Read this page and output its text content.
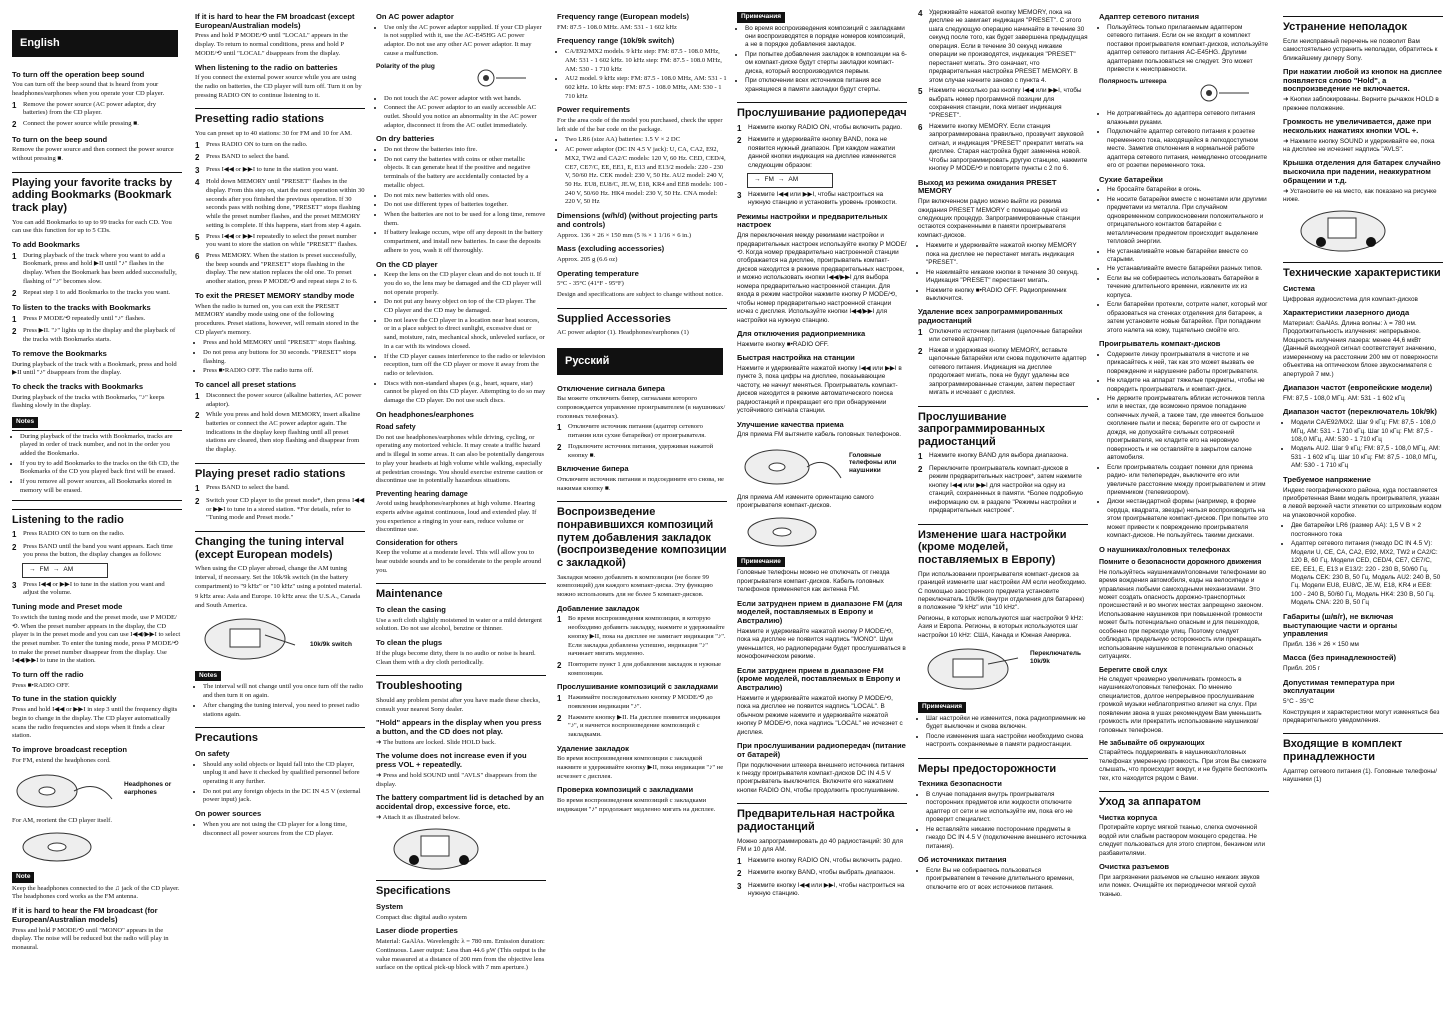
English
To turn off the operation beep sound

You can turn off the beep sound that is heard from your headphones/earphones when you operate your CD player.

1 Remove the power source (AC power adaptor, dry batteries) from the CD player.
2 Connect the power source while pressing ■.
To turn on the beep sound

Remove the power source and then connect the power source without pressing ■.

Playing your favorite tracks by adding Bookmarks (Bookmark track play)

You can add Bookmarks to up to 99 tracks for each CD. You can use this function for up to 5 CDs.

To add Bookmarks
1 During playback of the track where you want to add a Bookmark, press and hold ▶II until "♪" flashes in the display. When the Bookmark has been added successfully, flashing of "♪" becomes slow.
2 Repeat step 1 to add Bookmarks to the tracks you want.
To listen to the tracks with Bookmarks
1 Press P MODE/⟲ repeatedly until "♪" flashes.
2 Press ▶II. "♪" lights up in the display and the playback of the tracks with Bookmarks starts.
To remove the Bookmarks

During playback of the track with a Bookmark, press and hold ▶II until "♪" disappears from the display.

To check the tracks with Bookmarks

During playback of the tracks with Bookmarks, "♪" keeps flashing slowly in the display.

Notes
• During playback of the tracks with Bookmarks, tracks are played in order of track number, and not in the order you added the Bookmarks.
• If you try to add Bookmarks to the tracks on the 6th CD, the Bookmarks of the CD you played back first will be erased.
• If you remove all power sources, all Bookmarks stored in memory will be erased.
Listening to the radio
1 Press RADIO ON to turn on the radio.
2 Press BAND until the band you want appears. Each time you press the button, the display changes as follows:
→ FM → AM
3 Press I◀◀ or ▶▶I to tune in the station you want and adjust the volume.
Tuning mode and Preset mode

To switch the tuning mode and the preset mode, use P MODE/⟲. When the preset number appears in the display, the CD player is in the preset mode and you can use I◀◀/▶▶I to select the preset number. To enter the tuning mode, press P MODE/⟲ to make the preset number disappear from the display. Use I◀◀/▶▶I to tune in the station.

To turn off the radio

Press ■•RADIO OFF.

To tune in the station quickly

Press and hold I◀◀ or ▶▶I in step 3 until the frequency digits begin to change in the display. The CD player automatically scans the radio frequencies and stops when it finds a clear station.

To improve broadcast reception

For FM, extend the headphones cord.

Headphones or earphones

For AM, reorient the CD player itself.

Note

Keep the headphones connected to the ♫ jack of the CD player. The headphones cord works as the FM antenna.

If it is hard to hear the FM broadcast (for European/Australian models)

Press and hold P MODE/⟲ until "MONO" appears in the display. The noise will be reduced but the radio will play in monaural.

If it is hard to hear the FM broadcast (except European/Australian models)

Press and hold P MODE/⟲ until "LOCAL" appears in the display. To return to normal conditions, press and hold P MODE/⟲ until "LOCAL" disappears from the display.

When listening to the radio on batteries

If you connect the external power source while you are using the radio on batteries, the CD player will turn off. Turn it on by pressing RADIO ON to continue listening to it.

Presetting radio stations

You can preset up to 40 stations: 30 for FM and 10 for AM.

1 Press RADIO ON to turn on the radio.
2 Press BAND to select the band.
3 Press I◀◀ or ▶▶I to tune in the station you want.
4 Hold down MEMORY until "PRESET" flashes in the display. From this step on, start the next operation within 30 seconds after you finished the previous operation. If 30 seconds pass with nothing done, "PRESET" stops flashing while the preset number flashes, and the preset MEMORY setting is complete. If this happens, start from step 4 again.
5 Press I◀◀ or ▶▶I repeatedly to select the preset number you want to store the station on while "PRESET" flashes.
6 Press MEMORY. When the station is preset successfully, the beep sounds and "PRESET" stops flashing in the display. The new station replaces the old one. To preset another station, press P MODE/⟲ and repeat steps 2 to 6.
To exit the PRESET MEMORY standby mode

When the radio is turned on, you can exit the PRESET MEMORY standby mode using one of the following procedures. Preset stations, however, will remain stored in the CD player's memory.

• Press and hold MEMORY until "PRESET" stops flashing.
• Do not press any buttons for 30 seconds. "PRESET" stops flashing.
• Press ■•RADIO OFF. The radio turns off.
To cancel all preset stations
1 Disconnect the power source (alkaline batteries, AC power adaptor).
2 While you press and hold down MEMORY, insert alkaline batteries or connect the AC power adaptor again. The indications in the display keep flashing until all preset stations are cleared, then stop flashing and disappear from the display.
Playing preset radio stations
1 Press BAND to select the band.
2 Switch your CD player to the preset mode*, then press I◀◀ or ▶▶I to tune in a stored station. *For details, refer to "Tuning mode and Preset mode."
Changing the tuning interval (except European models)

When using the CD player abroad, change the AM tuning interval, if necessary. Set the 10k/9k switch (in the battery compartment) to "9 kHz" or "10 kHz" using a pointed material.

9 kHz area: Asia and Europe. 10 kHz area: the U.S.A., Canada and South America.

10k/9k switch
Notes
• The interval will not change until you once turn off the radio and then turn it on again.
• After changing the tuning interval, you need to preset radio stations again.
Precautions
On safety
• Should any solid objects or liquid fall into the CD player, unplug it and have it checked by qualified personnel before operating it any further.
• Do not put any foreign objects in the DC IN 4.5 V (external power input) jack.
On power sources
• When you are not using the CD player for a long time, disconnect all power sources from the CD player.
On AC power adaptor
• Use only the AC power adaptor supplied. If your CD player is not supplied with it, use the AC-E45HG AC power adaptor. Do not use any other AC power adaptor. It may cause a malfunction.
Polarity of the plug
• Do not touch the AC power adaptor with wet hands.
• Connect the AC power adaptor to an easily accessible AC outlet. Should you notice an abnormality in the AC power adaptor, disconnect it from the AC outlet immediately.
On dry batteries
• Do not throw the batteries into fire.
• Do not carry the batteries with coins or other metallic objects. It can generate heat if the positive and negative terminals of the battery are accidentally contacted by a metallic object.
• Do not mix new batteries with old ones.
• Do not use different types of batteries together.
• When the batteries are not to be used for a long time, remove them.
• If battery leakage occurs, wipe off any deposit in the battery compartment, and install new batteries. In case the deposits adhere to you, wash it off thoroughly.
On the CD player
• Keep the lens on the CD player clean and do not touch it. If you do so, the lens may be damaged and the CD player will not operate properly.
• Do not put any heavy object on top of the CD player. The CD player and the CD may be damaged.
• Do not leave the CD player in a location near heat sources, or in a place subject to direct sunlight, excessive dust or sand, moisture, rain, mechanical shock, unleveled surface, or in a car with its windows closed.
• If the CD player causes interference to the radio or television reception, turn off the CD player or move it away from the radio or television.
• Discs with non-standard shapes (e.g., heart, square, star) cannot be played on this CD player. Attempting to do so may damage the CD player. Do not use such discs.
On headphones/earphones
Road safety

Do not use headphones/earphones while driving, cycling, or operating any motorized vehicle. It may create a traffic hazard and is illegal in some areas. It can also be potentially dangerous to play your headsets at high volume while walking, especially at pedestrian crossings. You should exercise extreme caution or discontinue use in potentially hazardous situations.

Preventing hearing damage

Avoid using headphones/earphones at high volume. Hearing experts advise against continuous, loud and extended play. If you experience a ringing in your ears, reduce volume or discontinue use.

Consideration for others

Keep the volume at a moderate level. This will allow you to hear outside sounds and to be considerate to the people around you.

Maintenance
To clean the casing

Use a soft cloth slightly moistened in water or a mild detergent solution. Do not use alcohol, benzine or thinner.

To clean the plugs

If the plugs become dirty, there is no audio or noise is heard. Clean them with a dry cloth periodically.

Troubleshooting

Should any problem persist after you have made these checks, consult your nearest Sony dealer.

"Hold" appears in the display when you press a button, and the CD does not play.

➜ The buttons are locked. Slide HOLD back.

The volume does not increase even if you press VOL + repeatedly.

➜ Press and hold SOUND until "AVLS" disappears from the display.

The battery compartment lid is detached by an accidental drop, excessive force, etc.

➜ Attach it as illustrated below.

Specifications
System

Compact disc digital audio system

Laser diode properties

Material: GaAlAs. Wavelength: λ = 780 nm. Emission duration: Continuous. Laser output: Less than 44.6 μW (This output is the value measured at a distance of 200 mm from the objective lens surface on the optical pick-up block with 7 mm aperture.)

Frequency range (European models)

FM: 87.5 - 108.0 MHz. AM: 531 - 1 602 kHz

Frequency range (10k/9k switch)
• CA/E92/MX2 models. 9 kHz step: FM: 87.5 - 108.0 MHz, AM: 531 - 1 602 kHz. 10 kHz step: FM: 87.5 - 108.0 MHz, AM: 530 - 1 710 kHz
• AU2 model. 9 kHz step: FM: 87.5 - 108.0 MHz, AM: 531 - 1 602 kHz. 10 kHz step: FM: 87.5 - 108.0 MHz, AM: 530 - 1 710 kHz
Power requirements

For the area code of the model you purchased, check the upper left side of the bar code on the package.

• Two LR6 (size AA) batteries: 1.5 V × 2 DC
• AC power adaptor (DC IN 4.5 V jack): U, CA, CA2, E92, MX2, TW2 and CA2/C models: 120 V, 60 Hz. CED, CED/4, CE7, CE7/C, EE, EE1, E, E13 and E13/2 models: 220 - 230 V, 50/60 Hz. CEK model: 230 V, 50 Hz. AU2 model: 240 V, 50 Hz. EU8, EU8/C, JE.W, E18, KR4 and EE8 models: 100 - 240 V, 50/60 Hz. HK4 model: 230 V, 50 Hz. CNA model: 220 V, 50 Hz
Dimensions (w/h/d) (without projecting parts and controls)

Approx. 136 × 26 × 150 mm (5 ⅜ × 1 1/16 × 6 in.)

Mass (excluding accessories)

Approx. 205 g (6.6 oz)

Operating temperature

5°C - 35°C (41°F - 95°F)

Design and specifications are subject to change without notice.

Supplied Accessories

AC power adaptor (1). Headphones/earphones (1)

Русский
Отключение сигнала бипера

Вы можете отключить бипер, сигналами которого сопровождается управление проигрывателем (в наушниках/головных телефонах).

1 Отключите источник питания (адаптер сетевого питания или сухие батарейки) от проигрывателя.
2 Подключите источник питания, удерживая нажатой кнопку ■.
Включение бипера

Отключите источник питания и подсоедините его снова, не нажимая кнопку ■.

Воспроизведение понравившихся композиций путем добавления закладок (воспроизведение композиции с закладкой)

Закладки можно добавлять в композиции (не более 99 композиций) для каждого компакт-диска. Эту функцию можно использовать для не более 5 компакт-дисков.

Добавление закладок
1 Во время воспроизведения композиции, в которую необходимо добавить закладку, нажмите и удерживайте кнопку ▶II, пока на дисплее не замигает индикация "♪". Если закладка добавлена успешно, индикация "♪" начинает мигать медленно.
2 Повторите пункт 1 для добавления закладок в нужные композиции.
Прослушивание композиций с закладками
1 Нажимайте последовательно кнопку P MODE/⟲ до появления индикации "♪".
2 Нажмите кнопку ▶II. На дисплее появится индикация "♪", и начнется воспроизведение композиций с закладками.
Удаление закладок

Во время воспроизведения композиции с закладкой нажмите и удерживайте кнопку ▶II, пока индикация "♪" не исчезнет с дисплея.

Проверка композиций с закладками

Во время воспроизведения композиций с закладками индикация "♪" продолжает медленно мигать на дисплее.

Примечания
• Во время воспроизведения композиций с закладками они воспроизводятся в порядке номеров композиций, а не в порядке добавления закладок.
• При попытке добавления закладок в композиции на 6-ом компакт-диске будут стерты закладки компакт-диска, который воспроизводился первым.
• При отключении всех источников питания все хранящиеся в памяти закладки будут стерты.
Прослушивание радиопередач
1	Нажмите кнопку RADIO ON, чтобы включить радио.
2	Нажмите и удерживайте кнопку BAND, пока не появится нужный диапазон. При каждом нажатии данной кнопки индикация на дисплее изменяется следующим образом:
→ FM → AM
3	Нажмите I◀◀ или ▶▶I, чтобы настроиться на нужную станцию и установить уровень громкости.
Режимы настройки и предварительных настроек

Для переключения между режимами настройки и предварительных настроек используйте кнопку P MODE/⟲. Когда номер предварительно настроенной станции отображается на дисплее, проигрыватель компакт-дисков находится в режиме предварительных настроек, и можно использовать кнопки I◀◀/▶▶I для выбора номера предварительно настроенной станции. Для входа в режим настройки нажмите кнопку P MODE/⟲, чтобы номер предварительно настроенной станции исчез с дисплея. Используйте кнопки I◀◀/▶▶I для настройки на нужную станцию.

Для отключения радиоприемника

Нажмите кнопку ■•RADIO OFF.

Быстрая настройка на станции

Нажмите и удерживайте нажатой кнопку I◀◀ или ▶▶I в пункте 3, пока цифры на дисплее, показывающие частоту, не начнут меняться. Проигрыватель компакт-дисков находится в режиме автоматического поиска радиостанций и прекращает его при обнаружении устойчивого сигнала станции.

Улучшение качества приема

Для приема FM вытяните кабель головных телефонов.

Головные телефоны или наушники

Для приема AM измените ориентацию самого проигрывателя компакт-дисков.

Примечание

Головные телефоны можно не отключать от гнезда проигрывателя компакт-дисков. Кабель головных телефонов применяется как антенна FM.

Если затруднен прием в диапазоне FM (для моделей, поставляемых в Европу и Австралию)

Нажмите и удерживайте нажатой кнопку P MODE/⟲, пока на дисплее не появится надпись "MONO". Шум уменьшится, но радиопередачи будет прослушиваться в монофоническом режиме.

Если затруднен прием в диапазоне FM (кроме моделей, поставляемых в Европу и Австралию)

Нажмите и удерживайте нажатой кнопку P MODE/⟲, пока на дисплее не появится надпись "LOCAL". В обычном режиме нажмите и удерживайте нажатой кнопку P MODE/⟲, пока надпись "LOCAL" не исчезнет с дисплея.

При прослушивании радиопередач (питание от батарей)

При подключении штекера внешнего источника питания к гнезду проигрывателя компакт-дисков DC IN 4.5 V проигрыватель выключится. Включите его нажатием кнопки RADIO ON, чтобы продолжить прослушивание.

Предварительная настройка радиостанций

Можно запрограммировать до 40 радиостанций: 30 для FM и 10 для AM.

1	Нажмите кнопку RADIO ON, чтобы включить радио.
2	Нажмите кнопку BAND, чтобы выбрать диапазон.
3	Нажмите кнопку I◀◀ или ▶▶I, чтобы настроиться на нужную станцию.
4	Удерживайте нажатой кнопку MEMORY, пока на дисплее не замигает индикация "PRESET". С этого шага следующую операцию начинайте в течение 30 секунд после того, как будет завершена предыдущая операция. Если в течение 30 секунд никакие операции не производятся, индикация "PRESET" перестанет мигать. Это означает, что предварительная настройка PRESET MEMORY. В этом случае начните заново с пункта 4.
5	Нажмите несколько раз кнопку I◀◀ или ▶▶I, чтобы выбрать номер программной позиции для сохранения станции, пока мигает индикация "PRESET".
6	Нажмите кнопку MEMORY. Если станция запрограммирована правильно, прозвучит звуковой сигнал, и индикация "PRESET" прекратит мигать на дисплее. Старая настройка будет заменена новой. Чтобы запрограммировать другую станцию, нажмите кнопку P MODE/⟲ и повторите пункты с 2 по 6.
Выход из режима ожидания PRESET MEMORY

При включенном радио можно выйти из режима ожидания PRESET MEMORY с помощью одной из следующих процедур. Запрограммированные станции остаются сохраненными в памяти проигрывателя компакт-дисков.

• Нажмите и удерживайте нажатой кнопку MEMORY пока на дисплее не перестанет мигать индикация "PRESET".
• Не нажимайте никакие кнопки в течение 30 секунд. Индикация "PRESET" перестанет мигать.
• Нажмите кнопку ■•RADIO OFF. Радиоприемник выключится.
Удаление всех запрограммированных радиостанций
1	Отключите источник питания (щелочные батарейки или сетевой адаптер).
2	Нажав и удерживая кнопку MEMORY, вставьте щелочные батарейки или снова подключите адаптер сетевого питания. Индикация на дисплее продолжает мигать, пока не будут удалены все запрограммированные станции, затем перестает мигать и исчезает с дисплея.
Прослушивание запрограммированных радиостанций
1	Нажмите кнопку BAND для выбора диапазона.
2	Переключите проигрыватель компакт-дисков в режим предварительных настроек*, затем нажмите кнопку I◀◀ или ▶▶I для настройки на одну из станций, сохраненных в памяти. *Более подробную информацию см. в разделе "Режимы настройки и предварительных настроек".
Изменение шага настройки (кроме моделей, поставляемых в Европу)

При использовании проигрывателя компакт-дисков за границей измените шаг настройки AM если необходимо. С помощью заостренного предмета установите переключатель 10k/9k (внутри отделения для батареек) в положение "9 kHz" или "10 kHz".

Регионы, в которых используются шаг настройки 9 kHz: Азия и Европа. Регионы, в которых используются шаг настройки 10 kHz: США, Канада и Южная Америка.

Переключатель 10k/9k
Примечания
• Шаг настройки не изменится, пока радиоприемник не будет выключен и снова включен.
• После изменения шага настройки необходимо снова настроить сохраняемые в памяти радиостанции.
Меры предосторожности
Техника безопасности
• В случае попадания внутрь проигрывателя посторонних предметов или жидкости отключите адаптер от сети и не используйте им, пока его не проверит специалист.
• Не вставляйте никакие посторонние предметы в гнездо DC IN 4.5 V (подключение внешнего источника питания).
Об источниках питания
• Если Вы не собираетесь пользоваться проигрывателем в течение длительного времени, отключите его от всех источников питания.
Адаптер сетевого питания
• Пользуйтесь только прилагаемым адаптером сетевого питания. Если он не входит в комплект поставки проигрывателя компакт-дисков, используйте адаптер сетевого питания AC-E45HG. Другими адаптерами пользоваться не следует. Это может привести к неисправности.
Полярность штекера
• Не дотрагивайтесь до адаптера сетевого питания влажными руками.
• Подключайте адаптер сетевого питания к розетке переменного тока, находящейся в легкодоступном месте. Заметив отклонения в нормальной работе адаптера сетевого питания, немедленно отсоедините его от розетки переменного тока.
Сухие батарейки
• Не бросайте батарейки в огонь.
• Не носите батарейки вместе с монетами или другими предметами из металла. При случайном одновременном соприкосновении положительного и отрицательного контактов батарейки с металлическим предметом происходит выделение тепловой энергии.
• Не устанавливайте новые батарейки вместе со старыми.
• Не устанавливайте вместе батарейки разных типов.
• Если вы не собираетесь использовать батарейки в течение длительного времени, извлеките их из корпуса.
• Если батарейки протекли, сотрите налет, который мог образоваться на стенках отделения для батареек, а затем установите новые батарейки. При попадании этого налета на кожу, тщательно смойте его.
Проигрыватель компакт-дисков
• Содержите линзу проигрывателя в чистоте и не прикасайтесь к ней, так как это может вызвать ее повреждение и нарушение работы проигрывателя.
• Не кладите на аппарат тяжелые предметы, чтобы не повредить проигрыватель и компакт-диск.
• Не держите проигрыватель вблизи источников тепла или в местах, где возможно прямое попадание солнечных лучей, а также там, где имеется большое скопление пыли и песка; берегите его от сырости и дождя, не допускайте сильных сотрясений проигрывателя, не кладите его на неровную поверхность и не оставляйте в закрытом салоне автомобиля.
• Если проигрыватель создает помехи для приема радио- или телепередач, выключите его или увеличьте расстояние между проигрывателем и этим приемником (телевизором).
• Диски нестандартной формы (например, в форме сердца, квадрата, звезды) нельзя воспроизводить на этом проигрывателе компакт-дисков. При попытке это может привести к повреждению проигрывателя компакт-дисков. Не пользуйтесь такими дисками.
О наушниках/головных телефонах
Помните о безопасности дорожного движения

Не пользуйтесь наушниками/головными телефонами во время вождения автомобиля, езды на велосипеде и управления любыми самоходными механизмами. Это может создать опасность дорожно-транспортных происшествий и во многих местах запрещено законом. Использование наушников при повышенной громкости может быть потенциально опасным и для пешеходов, особенно при переходе улиц. Поэтому следует соблюдать предельную осторожность или прекращать использование наушников в потенциально опасных ситуациях.

Берегите свой слух

Не следует чрезмерно увеличивать громкость в наушниках/головных телефонах. По мнению специалистов, долгое непрерывное прослушивание громкой музыки неблагоприятно влияет на слух. При появлении звона в ушах рекомендуем Вам уменьшить громкость или прекратить использование наушников/головных телефонов.

Не забывайте об окружающих

Старайтесь поддерживать в наушниках/головных телефонах умеренную громкость. При этом Вы сможете слышать, что происходит вокруг, и не будете беспокоить тех, кто находится рядом с Вами.

Уход за аппаратом
Чистка корпуса

Протирайте корпус мягкой тканью, слегка смоченной водой или слабым раствором моющего средства. Не следует пользоваться для этого спиртом, бензином или разбавителями.

Очистка разъемов

При загрязнении разъемов не слышно никаких звуков или помех. Очищайте их периодически мягкой сухой тканью.

Устранение неполадок

Если неисправный перечень не позволит Вам самостоятельно устранить неполадки, обратитесь к ближайшему дилеру Sony.

При нажатии любой из кнопок на дисплее появляется слово "Hold", а воспроизведение не включается.

➜ Кнопки заблокированы. Верните рычажок HOLD в прежнее положение.

Громкость не увеличивается, даже при нескольких нажатиях кнопки VOL +.

➜ Нажмите кнопку SOUND и удерживайте ее, пока на дисплее не исчезнет надпись "AVLS".

Крышка отделения для батарек случайно выскочила при падении, неаккуратном обращении и т.д.

➜ Установите ее на место, как показано на рисунке ниже.

Технические характеристики
Система

Цифровая аудиосистема для компакт-дисков

Характеристики лазерного диода

Материал: GaAlAs. Длина волны: λ = 780 нм. Продолжительность излучения: непрерывное. Мощность излучения лазера: менее 44,6 мкВт (Данный выходной сигнал соответствует значению, измеренному на расстоянии 200 мм от поверхности объектива на оптическом блоке звукоснимателя с апертурой 7 мм.)

Диапазон частот (европейские модели)

FM: 87,5 - 108,0 МГц. AM: 531 - 1 602 кГц

Диапазон частот (переключатель 10k/9k)
• Модели CA/E92/MX2. Шаг 9 кГц: FM: 87,5 - 108,0 МГц, AM: 531 - 1 710 кГц. Шаг 10 кГц: FM: 87,5 - 108,0 МГц, AM: 530 - 1 710 кГц
• Модель AU2. Шаг 9 кГц: FM: 87,5 - 108,0 МГц, AM: 531 - 1 602 кГц. Шаг 10 кГц: FM: 87,5 - 108,0 МГц, AM: 530 - 1 710 кГц
Требуемое напряжение

Индекс географического района, куда поставляется приобретенная Вами модель проигрывателя, указан в левой верхней части этикетки со штриховым кодом на упаковочной коробке.

• Две батарейки LR6 (размер AA): 1,5 V В × 2 постоянного тока
• Адаптер сетевого питания (гнездо DC IN 4.5 V): Модели U, CE, CA, CA2, E92, MX2, TW2 и CA2/C: 120 В, 60 Гц. Модели CED, CED/4, CE7, CE7/C, EE, EE1, E, E13 и E13/2: 220 - 230 В, 50/60 Гц. Модель CEK: 230 В, 50 Гц. Модель AU2: 240 В, 50 Гц. Модели EU8, EU8/C, JE.W, E18, KR4 и EE8: 100 - 240 В, 50/60 Гц. Модель HK4: 230 В, 50 Гц. Модель CNA: 220 В, 50 Гц
Габариты (ш/в/г), не включая выступающие части и органы управления

Прибл. 136 × 26 × 150 мм

Масса (без принадлежностей)

Прибл. 205 г

Допустимая температура при эксплуатации

5°С - 35°С

Конструкция и характеристики могут изменяться без предварительного уведомления.

Входящие в комплект принадлежности

Адаптер сетевого питания (1). Головные телефоны/наушники (1)
